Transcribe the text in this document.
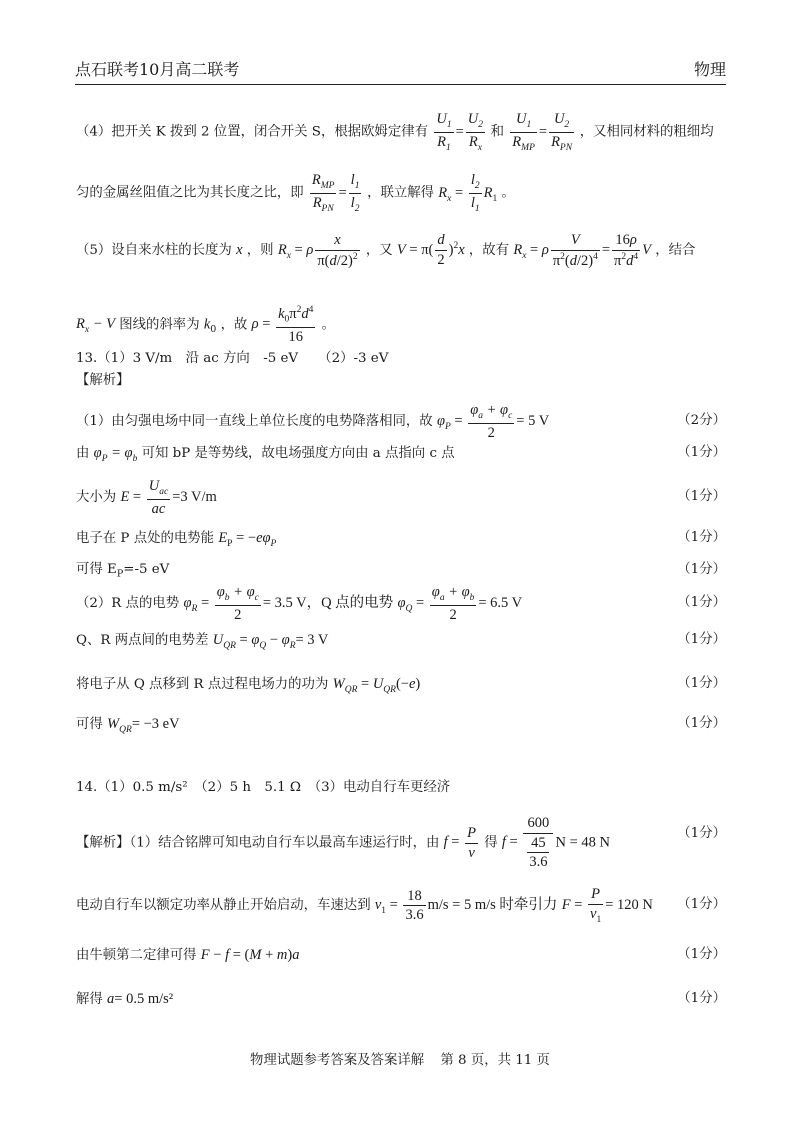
点石联考10月高二联考	物理
（4）把开关 K 拨到 2 位置，闭合开关 S，根据欧姆定律有 $\frac{U_1}{R_1} = \frac{U_2}{R_x}$ 和 $\frac{U_1}{R_{MP}} = \frac{U_2}{R_{PN}}$ ，又相同材料的粗细均
匀的金属丝阻值之比为其长度之比，即 $\frac{R_{MP}}{R_{PN}} = \frac{l_1}{l_2}$ ，联立解得 $R_x = \frac{l_2}{l_1} R_1$ 。
（5）设自来水柱的长度为 x ，则 $R_x = \rho \frac{x}{\pi(d/2)^2}$ ，又 $V = \pi( \frac{d}{2} )^2x$ ，故有 $R_x = \rho \frac{V}{\pi^2(d/2)^4} = \frac{16\rho}{\pi^2d^4}$ V ，结合
$R_x - V$ 图线的斜率为 $k_0$ ，故 $\rho = \frac{k_0\pi^2d^4}{16}$ 。
13.（1）3 V/m　沿 ac 方向　-5 eV　　（2）-3 eV
【解析】
（1）由匀强电场中同一直线上单位长度的电势降落相同，故 $\varphi_P = \frac{\varphi_a + \varphi_c}{2} = 5$ V	（2分）
由 $\varphi_P = \varphi_b$ 可知 bP 是等势线，故电场强度方向由 a 点指向 c 点	（1分）
大小为 $E = \frac{U_{ac}}{ac} =3$ V/m	（1分）
电子在 P 点处的电势能 $E_P = -e\varphi_P$	（1分）
可得 $E_P=-5$ eV	（1分）
（2）R 点的电势 $\varphi_R = \frac{\varphi_b + \varphi_c}{2} = 3.5$ V，Q 点的电势 $\varphi_Q = \frac{\varphi_a + \varphi_b}{2} = 6.5$ V	（1分）
Q、R 两点间的电势差 $U_{QR} = \varphi_Q - \varphi_R= 3$ V	（1分）
将电子从 Q 点移到 R 点过程电场力的功为 $W_{QR} = U_{QR}(-e)$	（1分）
可得 $W_{QR}= -3$ eV	（1分）
14.（1）0.5 m/s²　（2）5 h　5.1 Ω　（3）电动自行车更经济
【解析】（1）结合铭牌可知电动自行车以最高车速运行时，由 $f = \frac{P}{v}$ 得 $f = \frac{600}{\frac{45}{3.6}}$ N = 48 N
（1分）
电动自行车以额定功率从静止开始启动，车速达到 $v_1 = \frac{18}{3.6} m/s = 5$ m/s 时牵引力 $F = \frac{P}{v_1} = 120$ N （1分）
由牛顿第二定律可得 F − f = (M + m)a	（1分）
解得 a= 0.5 m/s²	（1分）
物理试题参考答案及答案详解 第 8 页，共 11 页
